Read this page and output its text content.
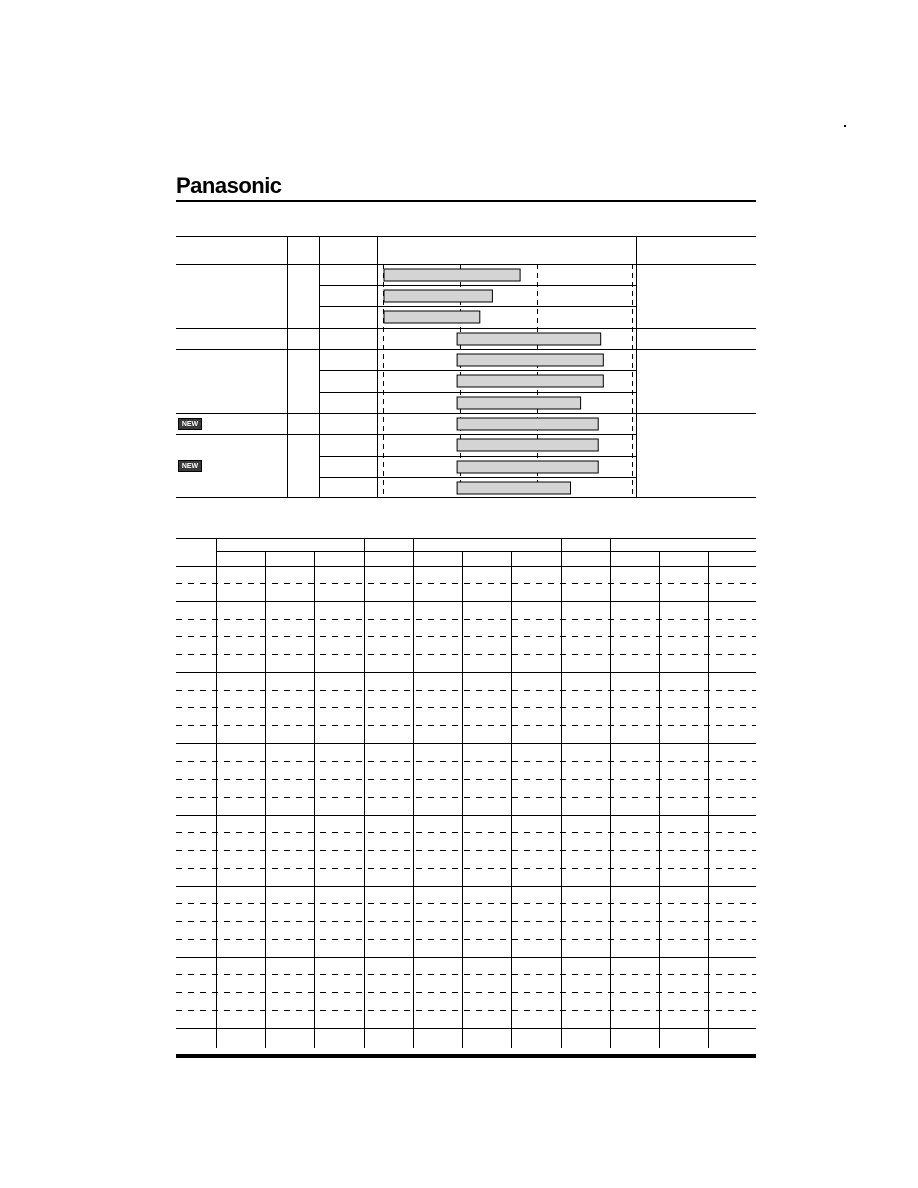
Panasonic
NEW
NEW
